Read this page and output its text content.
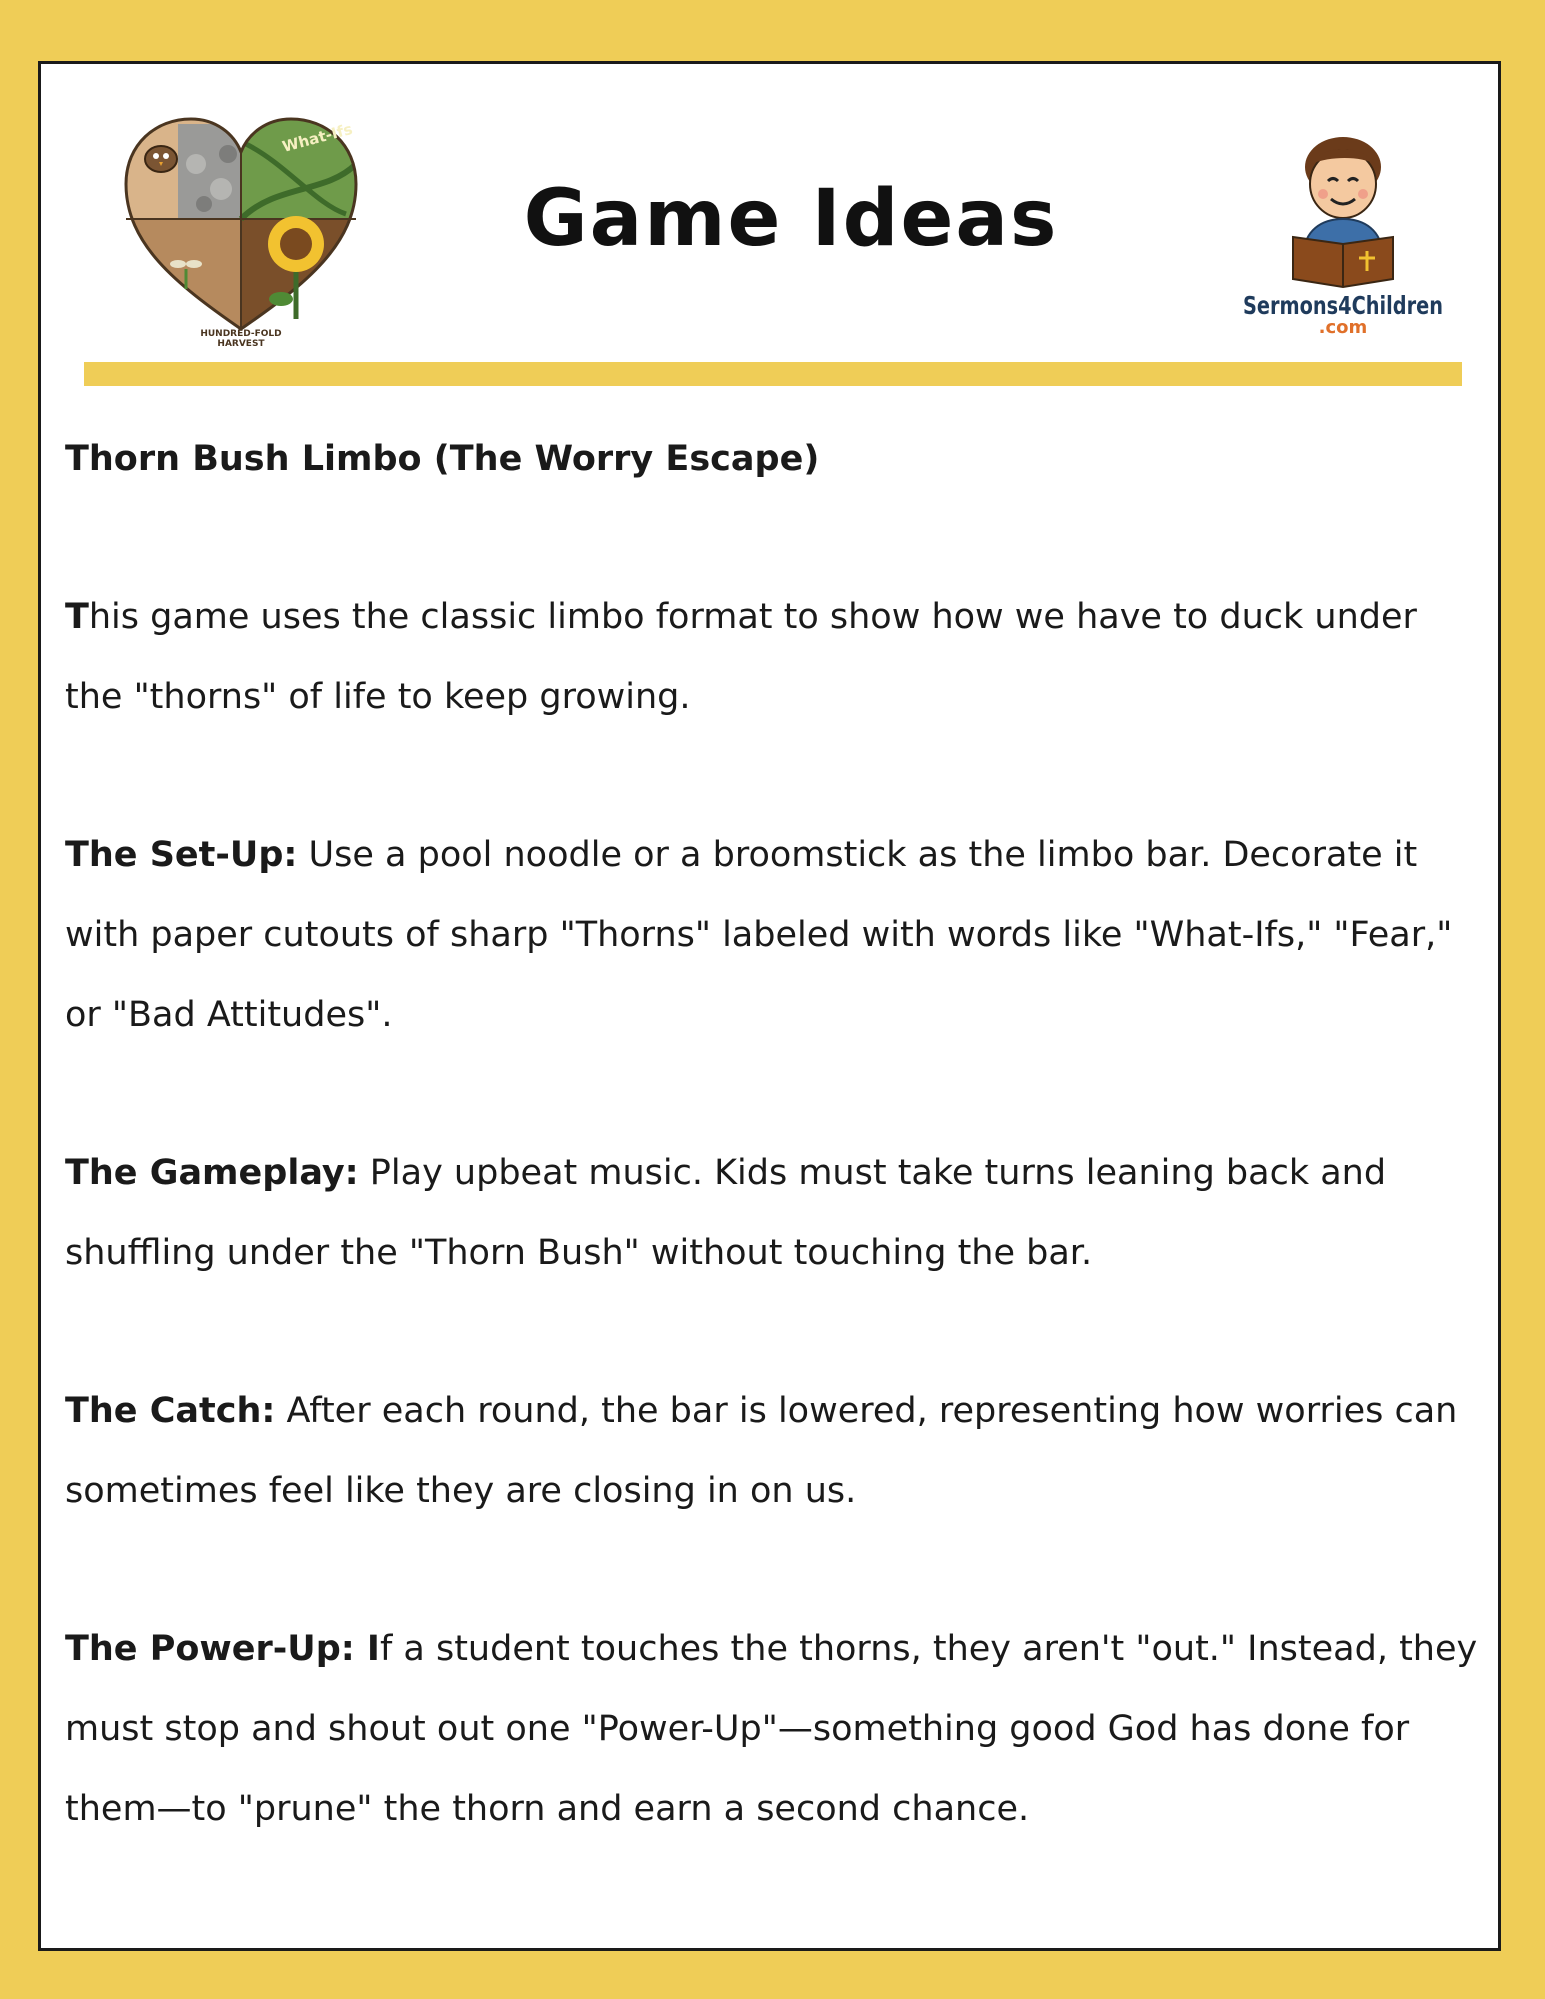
What-Ifs
HUNDRED-FOLD
HARVEST
Game Ideas
Sermons4Children
.com

Thorn Bush Limbo (The Worry Escape)

This game uses the classic limbo format to show how we have to duck under the "thorns" of life to keep growing.

The Set-Up: Use a pool noodle or a broomstick as the limbo bar. Decorate it with paper cutouts of sharp "Thorns" labeled with words like "What-Ifs," "Fear," or "Bad Attitudes".

The Gameplay: Play upbeat music. Kids must take turns leaning back and shuffling under the "Thorn Bush" without touching the bar.

The Catch: After each round, the bar is lowered, representing how worries can sometimes feel like they are closing in on us.

The Power-Up: If a student touches the thorns, they aren't "out." Instead, they must stop and shout out one "Power-Up"—something good God has done for them—to "prune" the thorn and earn a second chance.
